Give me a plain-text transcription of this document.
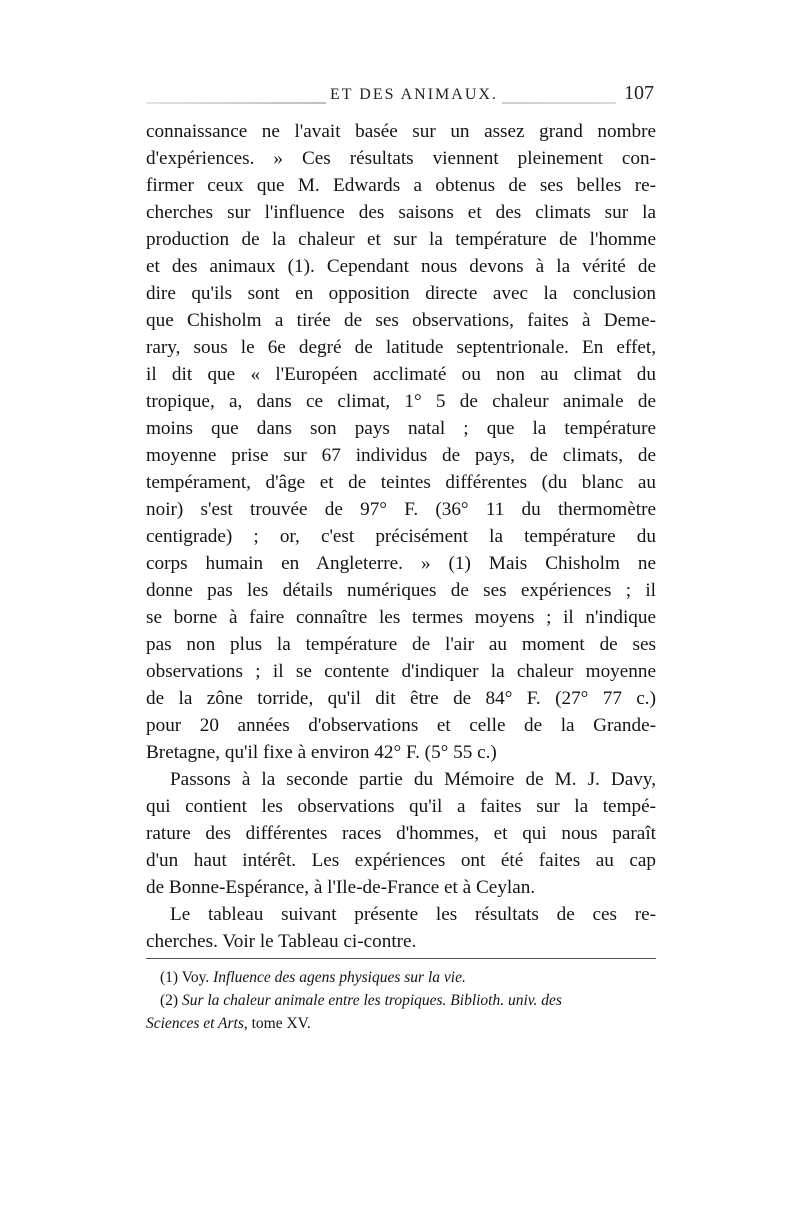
ET DES ANIMAUX.	107
connaissance ne l'avait basée sur un assez grand nombre
d'expériences. » Ces résultats viennent pleinement con-
firmer ceux que M. Edwards a obtenus de ses belles re-
cherches sur l'influence des saisons et des climats sur la
production de la chaleur et sur la température de l'homme
et des animaux (1). Cependant nous devons à la vérité de
dire qu'ils sont en opposition directe avec la conclusion
que Chisholm a tirée de ses observations, faites à Deme-
rary, sous le 6e degré de latitude septentrionale. En effet,
il dit que « l'Européen acclimaté ou non au climat du
tropique, a, dans ce climat, 1° 5 de chaleur animale de
moins que dans son pays natal ; que la température
moyenne prise sur 67 individus de pays, de climats, de
tempérament, d'âge et de teintes différentes (du blanc au
noir) s'est trouvée de 97° F. (36° 11 du thermomètre
centigrade) ; or, c'est précisément la température du
corps humain en Angleterre. » (1) Mais Chisholm ne
donne pas les détails numériques de ses expériences ; il
se borne à faire connaître les termes moyens ; il n'indique
pas non plus la température de l'air au moment de ses
observations ; il se contente d'indiquer la chaleur moyenne
de la zône torride, qu'il dit être de 84° F. (27° 77 c.)
pour 20 années d'observations et celle de la Grande-
Bretagne, qu'il fixe à environ 42° F. (5° 55 c.)
Passons à la seconde partie du Mémoire de M. J. Davy,
qui contient les observations qu'il a faites sur la tempé-
rature des différentes races d'hommes, et qui nous paraît
d'un haut intérêt. Les expériences ont été faites au cap
de Bonne-Espérance, à l'Ile-de-France et à Ceylan.
Le tableau suivant présente les résultats de ces re-
cherches. Voir le Tableau ci-contre.
(1) Voy. Influence des agens physiques sur la vie.
(2) Sur la chaleur animale entre les tropiques. Biblioth. univ. des
Sciences et Arts, tome XV.
